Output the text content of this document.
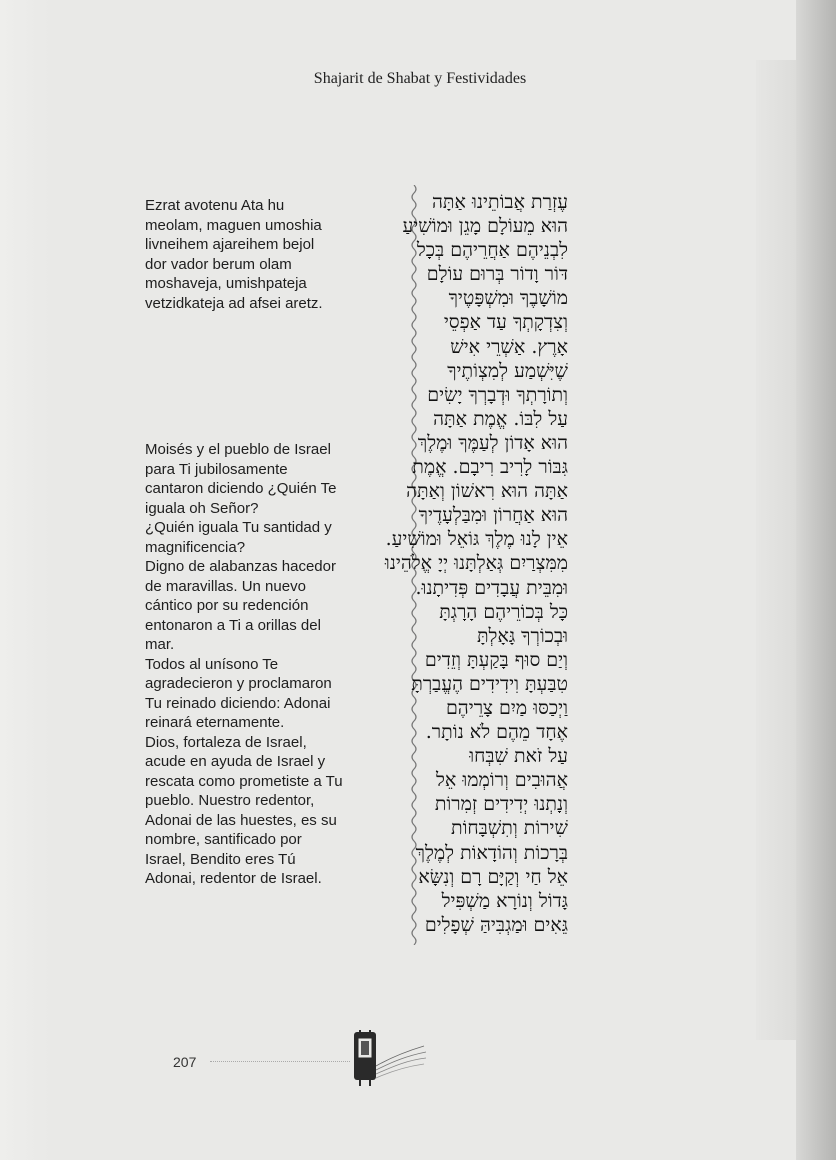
Shajarit de Shabat y Festividades
Ezrat avotenu Ata hu
meolam, maguen umoshia
livneihem ajareihem bejol
dor vador berum olam
moshaveja, umishpateja
vetzidkateja ad afsei aretz.
Moisés y el pueblo de Israel
para Ti jubilosamente
cantaron diciendo ¿Quién Te
iguala oh Señor?
¿Quién iguala Tu santidad y
magnificencia?
Digno de alabanzas hacedor
de maravillas. Un nuevo
cántico por su redención
entonaron a Ti a orillas del
mar.
Todos al unísono Te
agradecieron y proclamaron
Tu reinado diciendo: Adonai
reinará eternamente.
Dios, fortaleza de Israel,
acude en ayuda de Israel y
rescata como prometiste a Tu
pueblo. Nuestro redentor,
Adonai de las huestes, es su
nombre, santificado por
Israel, Bendito eres Tú
Adonai, redentor de Israel.
עֶזְרַת אֲבוֹתֵינוּ אַתָּה
הוּא מֵעוֹלָם מָגֵן וּמוֹשִׁיעַ
לִבְנֵיהֶם אַחֲרֵיהֶם בְּכָל
דּוֹר וָדוֹר בְּרוּם עוֹלָם
מוֹשָׁבֶךָ וּמִשְׁפָּטֶיךָ
וְצִדְקָתְךָ עַד אַפְסֵי
אָרֶץ. אַשְׁרֵי אִישׁ
שֶׁיִּשְׁמַע לְמִצְוֹתֶיךָ
וְתוֹרָתְךָ וּדְבָרְךָ יָשִׂים
עַל לִבּוֹ. אֱמֶת אַתָּה
הוּא אָדוֹן לְעַמֶּךָ וּמֶלֶךְ
גִּבּוֹר לָרִיב רִיבָם. אֱמֶת
אַתָּה הוּא רִאשׁוֹן וְאַתָּה
הוּא אַחֲרוֹן וּמִבַּלְעָדֶיךָ
אֵין לָנוּ מֶלֶךְ גּוֹאֵל וּמוֹשִׁיעַ.
מִמִּצְרַיִם גְּאַלְתָּנוּ יְיָ אֱלֹהֵינוּ
וּמִבֵּית עֲבָדִים פְּדִיתָנוּ.
כָּל בְּכוֹרֵיהֶם הָרָגְתָּ
וּבְכוֹרְךָ גָּאָלְתָּ
וְיַם סוּף בָּקַעְתָּ וְזֵדִים
טִבַּעְתָּ וִידִידִים הֶעֱבַרְתָּ
וַיְכַסּוּ מַיִם צָרֵיהֶם
אֶחָד מֵהֶם לֹא נוֹתָר.
עַל זֹאת שִׁבְּחוּ
אֲהוּבִים וְרוֹמְמוּ אֵל
וְנָתְנוּ יְדִידִים זְמִרוֹת
שִׁירוֹת וְתִשְׁבָּחוֹת
בְּרָכוֹת וְהוֹדָאוֹת לְמֶלֶךְ
אֵל חַי וְקַיָּם רָם וְנִשָּׂא
גָּדוֹל וְנוֹרָא מַשְׁפִּיל
גֵּאִים וּמַגְבִּיהַּ שְׁפָלִים
207
